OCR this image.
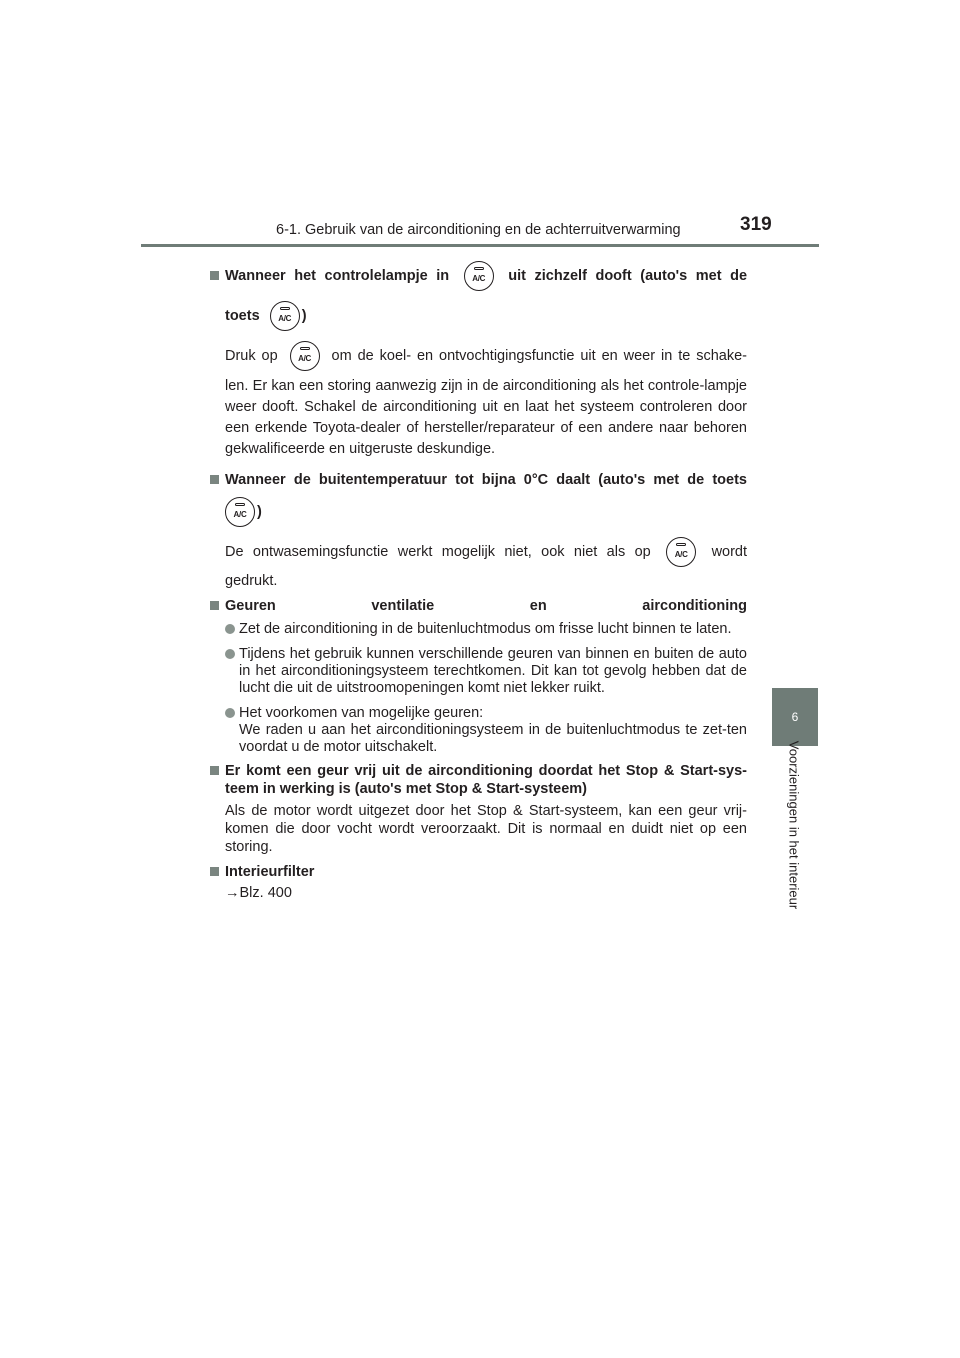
6-1. Gebruik van de airconditioning en de achterruitverwarming	319
6
Voorzieningen in het interieur
Wanneer het controlelampje in	A/C uit zichzelf dooft (auto's met de
toets A/C )
Druk op	A/C om de koel- en ontvochtigingsfunctie uit en weer in te schake-
len. Er kan een storing aanwezig zijn in de airconditioning als het controle-lampje weer dooft. Schakel de airconditioning uit en laat het systeem controleren door een erkende Toyota-dealer of hersteller/reparateur of een andere naar behoren gekwalificeerde en uitgeruste deskundige.
Wanneer de buitentemperatuur tot bijna 0°C daalt (auto's met de toets
A/C )
De ontwasemingsfunctie werkt mogelijk niet, ook niet als op	A/C wordt
gedrukt.
Geuren ventilatie en airconditioning
Zet de airconditioning in de buitenluchtmodus om frisse lucht binnen te laten.
Tijdens het gebruik kunnen verschillende geuren van binnen en buiten de auto in het airconditioningsysteem terechtkomen. Dit kan tot gevolg hebben dat de lucht die uit de uitstroomopeningen komt niet lekker ruikt.
Het voorkomen van mogelijke geuren:
We raden u aan het airconditioningsysteem in de buitenluchtmodus te zet-ten voordat u de motor uitschakelt.
Er komt een geur vrij uit de airconditioning doordat het Stop & Start-sys-teem in werking is (auto's met Stop & Start-systeem)
Als de motor wordt uitgezet door het Stop & Start-systeem, kan een geur vrij-komen die door vocht wordt veroorzaakt. Dit is normaal en duidt niet op een storing.
Interieurfilter
→Blz. 400
